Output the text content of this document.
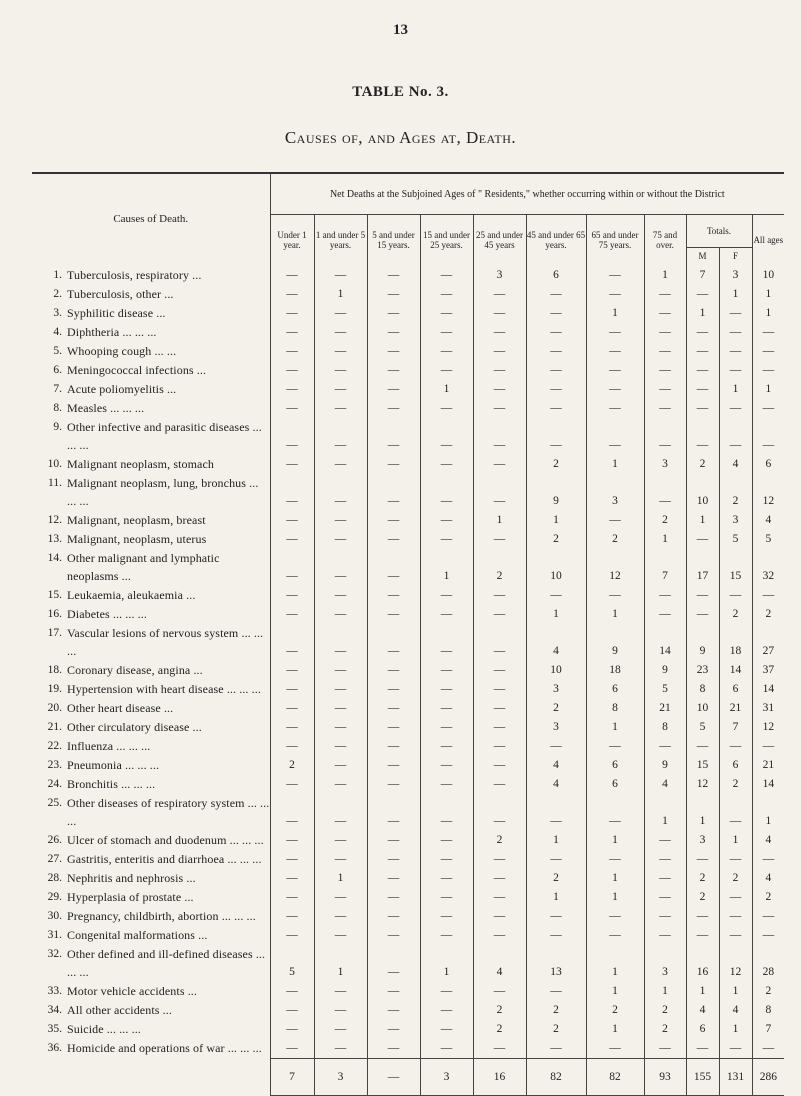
13
TABLE No. 3.
Causes of, and Ages at, Death.
Causes of Death.	Net Deaths at the Subjoined Ages of " Residents," whether occurring within or without the District										
	Under 1 year.	1 and under 5 years.	5 and under 15 years.	15 and under 25 years.	25 and under 45 years	45 and under 65 years.	65 and under 75 years.	75 and over.	Totals.		All ages
									M	F	

1. Tuberculosis, respiratory ...	—	—	—	—	3	6	—	1	7	3	10

2. Tuberculosis, other ...	—	1	—	—	—	—	—	—	—	1	1

3. Syphilitic disease ...	—	—	—	—	—	—	1	—	1	—	1

4. Diphtheria ... ... ...	—	—	—	—	—	—	—	—	—	—	—

5. Whooping cough ... ...	—	—	—	—	—	—	—	—	—	—	—

6. Meningococcal infections ...	—	—	—	—	—	—	—	—	—	—	—

7. Acute poliomyelitis ...	—	—	—	1	—	—	—	—	—	1	1

8. Measles ... ... ...	—	—	—	—	—	—	—	—	—	—	—

9. Other infective and parasitic diseases ... ... ...	—	—	—	—	—	—	—	—	—	—	—

10. Malignant neoplasm, stomach	—	—	—	—	—	2	1	3	2	4	6

11. Malignant neoplasm, lung, bronchus ... ... ...	—	—	—	—	—	9	3	—	10	2	12

12. Malignant, neoplasm, breast	—	—	—	—	1	1	—	2	1	3	4

13. Malignant, neoplasm, uterus	—	—	—	—	—	2	2	1	—	5	5

14. Other malignant and lymphatic neoplasms ...	—	—	—	1	2	10	12	7	17	15	32

15. Leukaemia, aleukaemia ...	—	—	—	—	—	—	—	—	—	—	—

16. Diabetes ... ... ...	—	—	—	—	—	1	1	—	—	2	2

17. Vascular lesions of nervous system ... ... ...	—	—	—	—	—	4	9	14	9	18	27

18. Coronary disease, angina ...	—	—	—	—	—	10	18	9	23	14	37

19. Hypertension with heart disease ... ... ...	—	—	—	—	—	3	6	5	8	6	14

20. Other heart disease ...	—	—	—	—	—	2	8	21	10	21	31

21. Other circulatory disease ...	—	—	—	—	—	3	1	8	5	7	12

22. Influenza ... ... ...	—	—	—	—	—	—	—	—	—	—	—

23. Pneumonia ... ... ...	2	—	—	—	—	4	6	9	15	6	21

24. Bronchitis ... ... ...	—	—	—	—	—	4	6	4	12	2	14

25. Other diseases of respiratory system ... ... ...	—	—	—	—	—	—	—	1	1	—	1

26. Ulcer of stomach and duodenum ... ... ...	—	—	—	—	2	1	1	—	3	1	4

27. Gastritis, enteritis and diarrhoea ... ... ...	—	—	—	—	—	—	—	—	—	—	—

28. Nephritis and nephrosis ...	—	1	—	—	—	2	1	—	2	2	4

29. Hyperplasia of prostate ...	—	—	—	—	—	1	1	—	2	—	2

30. Pregnancy, childbirth, abortion ... ... ...	—	—	—	—	—	—	—	—	—	—	—

31. Congenital malformations ...	—	—	—	—	—	—	—	—	—	—	—

32. Other defined and ill-defined diseases ... ... ...	5	1	—	1	4	13	1	3	16	12	28

33. Motor vehicle accidents ...	—	—	—	—	—	—	1	1	1	1	2

34. All other accidents ...	—	—	—	—	2	2	2	2	4	4	8

35. Suicide ... ... ...	—	—	—	—	2	2	1	2	6	1	7

36. Homicide and operations of war ... ... ...	—	—	—	—	—	—	—	—	—	—	—
	7	3	—	3	16	82	82	93	155	131	286
